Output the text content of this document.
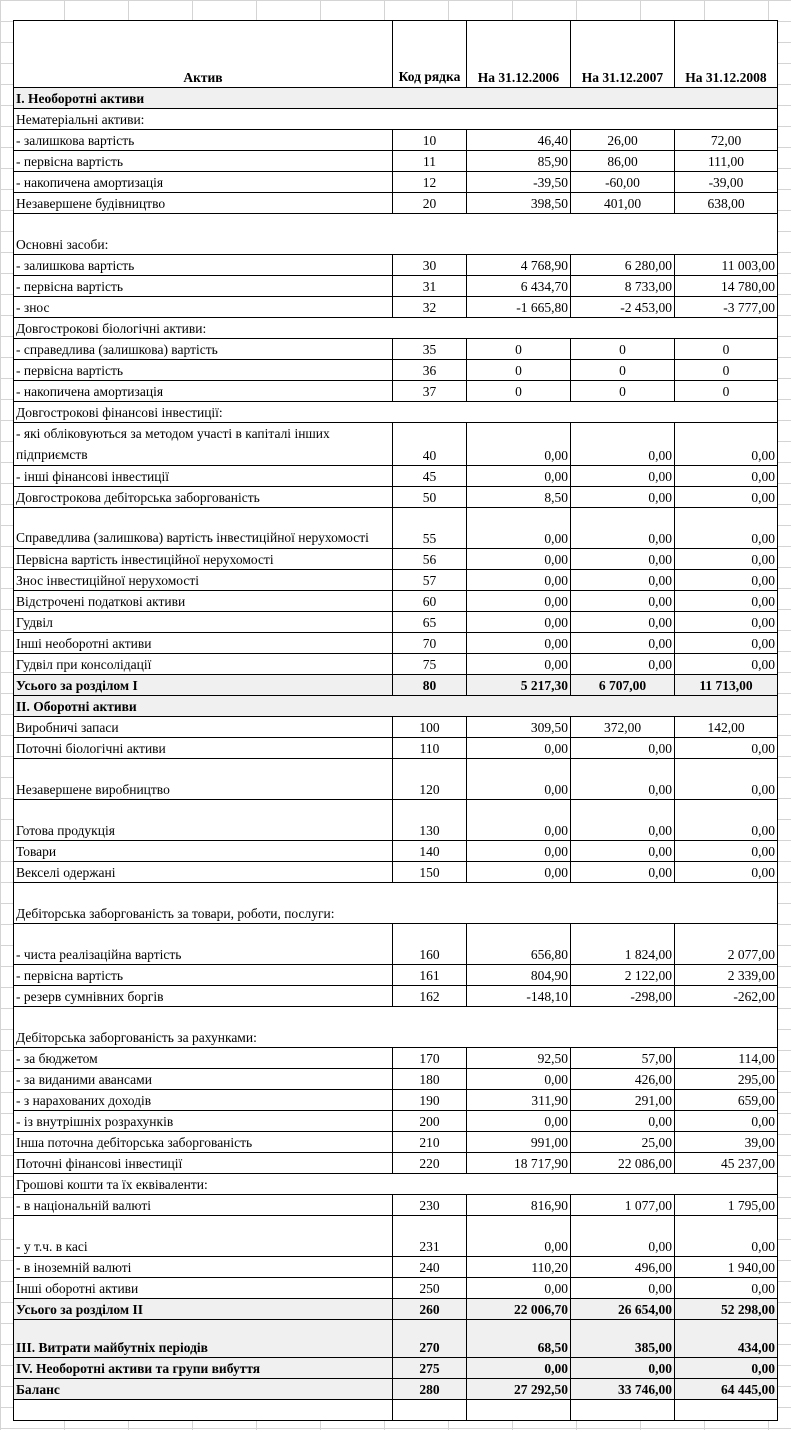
Актив	Код рядка	На 31.12.2006	На 31.12.2007	На 31.12.2008
І. Необоротні активи				
Нематеріальні активи:				
- залишкова вартість	10	46,40	26,00	72,00
- первісна вартість	11	85,90	86,00	111,00
- накопичена амортизація	12	-39,50	-60,00	-39,00
Незавершене будівництво	20	398,50	401,00	638,00
Основні засоби:				
- залишкова вартість	30	4 768,90	6 280,00	11 003,00
- первісна вартість	31	6 434,70	8 733,00	14 780,00
- знос	32	-1 665,80	-2 453,00	-3 777,00
Довгострокові біологічні активи:				
- справедлива (залишкова) вартість	35	0	0	0
- первісна вартість	36	0	0	0
- накопичена амортизація	37	0	0	0
Довгострокові фінансові інвестиції:				
- які обліковуються за методом участі в капіталі інших підприємств	40	0,00	0,00	0,00
- інші фінансові інвестиції	45	0,00	0,00	0,00
Довгострокова дебіторська заборгованість	50	8,50	0,00	0,00
Справедлива (залишкова) вартість інвестиційної нерухомості	55	0,00	0,00	0,00
Первісна вартість інвестиційної нерухомості	56	0,00	0,00	0,00
Знос інвестиційної нерухомості	57	0,00	0,00	0,00
Відстрочені податкові активи	60	0,00	0,00	0,00
Гудвіл	65	0,00	0,00	0,00
Інші необоротні активи	70	0,00	0,00	0,00
Гудвіл при консолідації	75	0,00	0,00	0,00
Усього за розділом І	80	5 217,30	6 707,00	11 713,00
ІІ. Оборотні активи				
Виробничі запаси	100	309,50	372,00	142,00
Поточні біологічні активи	110	0,00	0,00	0,00
Незавершене виробництво	120	0,00	0,00	0,00
Готова продукція	130	0,00	0,00	0,00
Товари	140	0,00	0,00	0,00
Векселі одержані	150	0,00	0,00	0,00
Дебіторська заборгованість за товари, роботи, послуги:				
- чиста реалізаційна вартість	160	656,80	1 824,00	2 077,00
- первісна вартість	161	804,90	2 122,00	2 339,00
- резерв сумнівних боргів	162	-148,10	-298,00	-262,00
Дебіторська заборгованість за рахунками:				
- за бюджетом	170	92,50	57,00	114,00
- за виданими авансами	180	0,00	426,00	295,00
- з нарахованих доходів	190	311,90	291,00	659,00
- із внутрішніх розрахунків	200	0,00	0,00	0,00
Інша поточна дебіторська заборгованість	210	991,00	25,00	39,00
Поточні фінансові інвестиції	220	18 717,90	22 086,00	45 237,00
Грошові кошти та їх еквіваленти:				
- в національній валюті	230	816,90	1 077,00	1 795,00
- у т.ч. в касі	231	0,00	0,00	0,00
- в іноземній валюті	240	110,20	496,00	1 940,00
Інші оборотні активи	250	0,00	0,00	0,00
Усього за розділом ІІ	260	22 006,70	26 654,00	52 298,00
ІІІ. Витрати майбутніх періодів	270	68,50	385,00	434,00
IV. Необоротні активи та групи вибуття	275	0,00	0,00	0,00
Баланс	280	27 292,50	33 746,00	64 445,00
